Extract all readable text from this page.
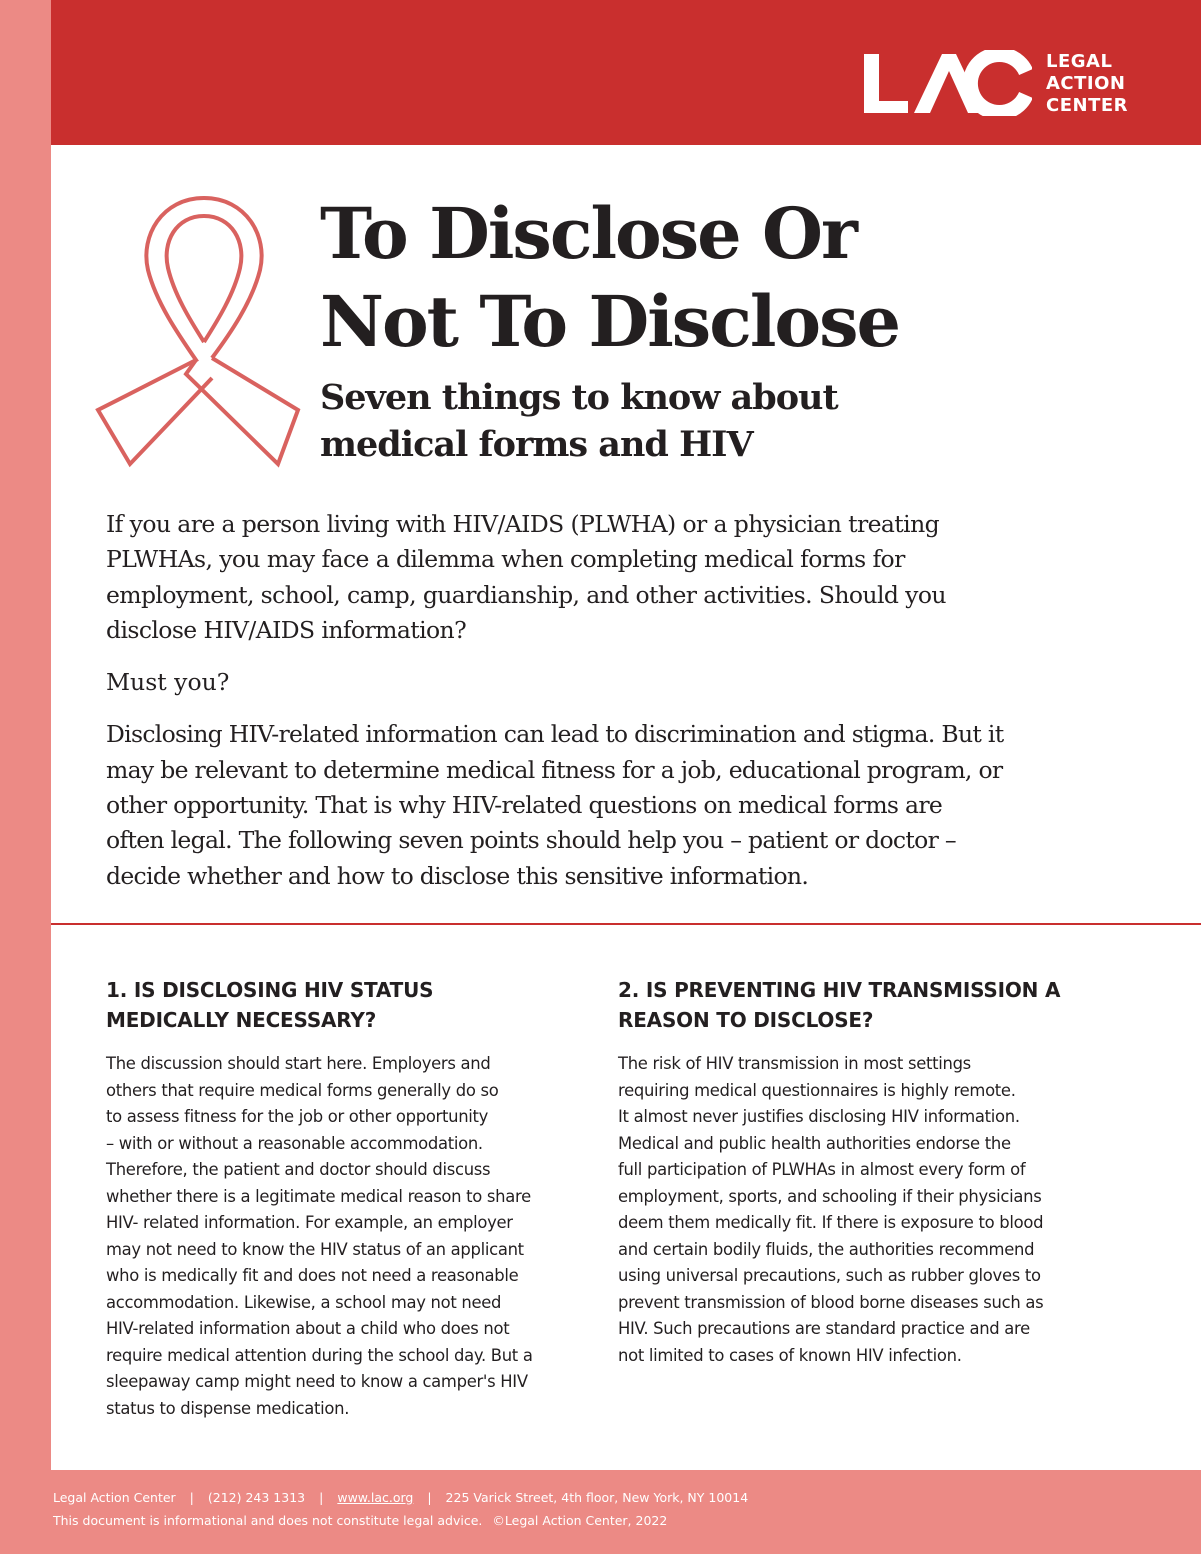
LEGAL
ACTION
CENTER
To Disclose Or
Not To Disclose
Seven things to know about
medical forms and HIV

If you are a person living with HIV/AIDS (PLWHA) or a physician treating
PLWHAs, you may face a dilemma when completing medical forms for
employment, school, camp, guardianship, and other activities. Should you
disclose HIV/AIDS information?

Must you?

Disclosing HIV-related information can lead to discrimination and stigma. But it
may be relevant to determine medical fitness for a job, educational program, or
other opportunity. That is why HIV-related questions on medical forms are
often legal. The following seven points should help you – patient or doctor –
decide whether and how to disclose this sensitive information.

1. IS DISCLOSING HIV STATUS
MEDICALLY NECESSARY?
The discussion should start here. Employers and
others that require medical forms generally do so
to assess fitness for the job or other opportunity
– with or without a reasonable accommodation.
Therefore, the patient and doctor should discuss
whether there is a legitimate medical reason to share
HIV- related information. For example, an employer
may not need to know the HIV status of an applicant
who is medically fit and does not need a reasonable
accommodation. Likewise, a school may not need
HIV-related information about a child who does not
require medical attention during the school day. But a
sleepaway camp might need to know a camper's HIV
status to dispense medication.
2. IS PREVENTING HIV TRANSMISSION A
REASON TO DISCLOSE?
The risk of HIV transmission in most settings
requiring medical questionnaires is highly remote.
It almost never justifies disclosing HIV information.
Medical and public health authorities endorse the
full participation of PLWHAs in almost every form of
employment, sports, and schooling if their physicians
deem them medically fit. If there is exposure to blood
and certain bodily fluids, the authorities recommend
using universal precautions, such as rubber gloves to
prevent transmission of blood borne diseases such as
HIV. Such precautions are standard practice and are
not limited to cases of known HIV infection.
Legal Action Center | (212) 243 1313 | www.lac.org | 225 Varick Street, 4th floor, New York, NY 10014
This document is informational and does not constitute legal advice. ©Legal Action Center, 2022
